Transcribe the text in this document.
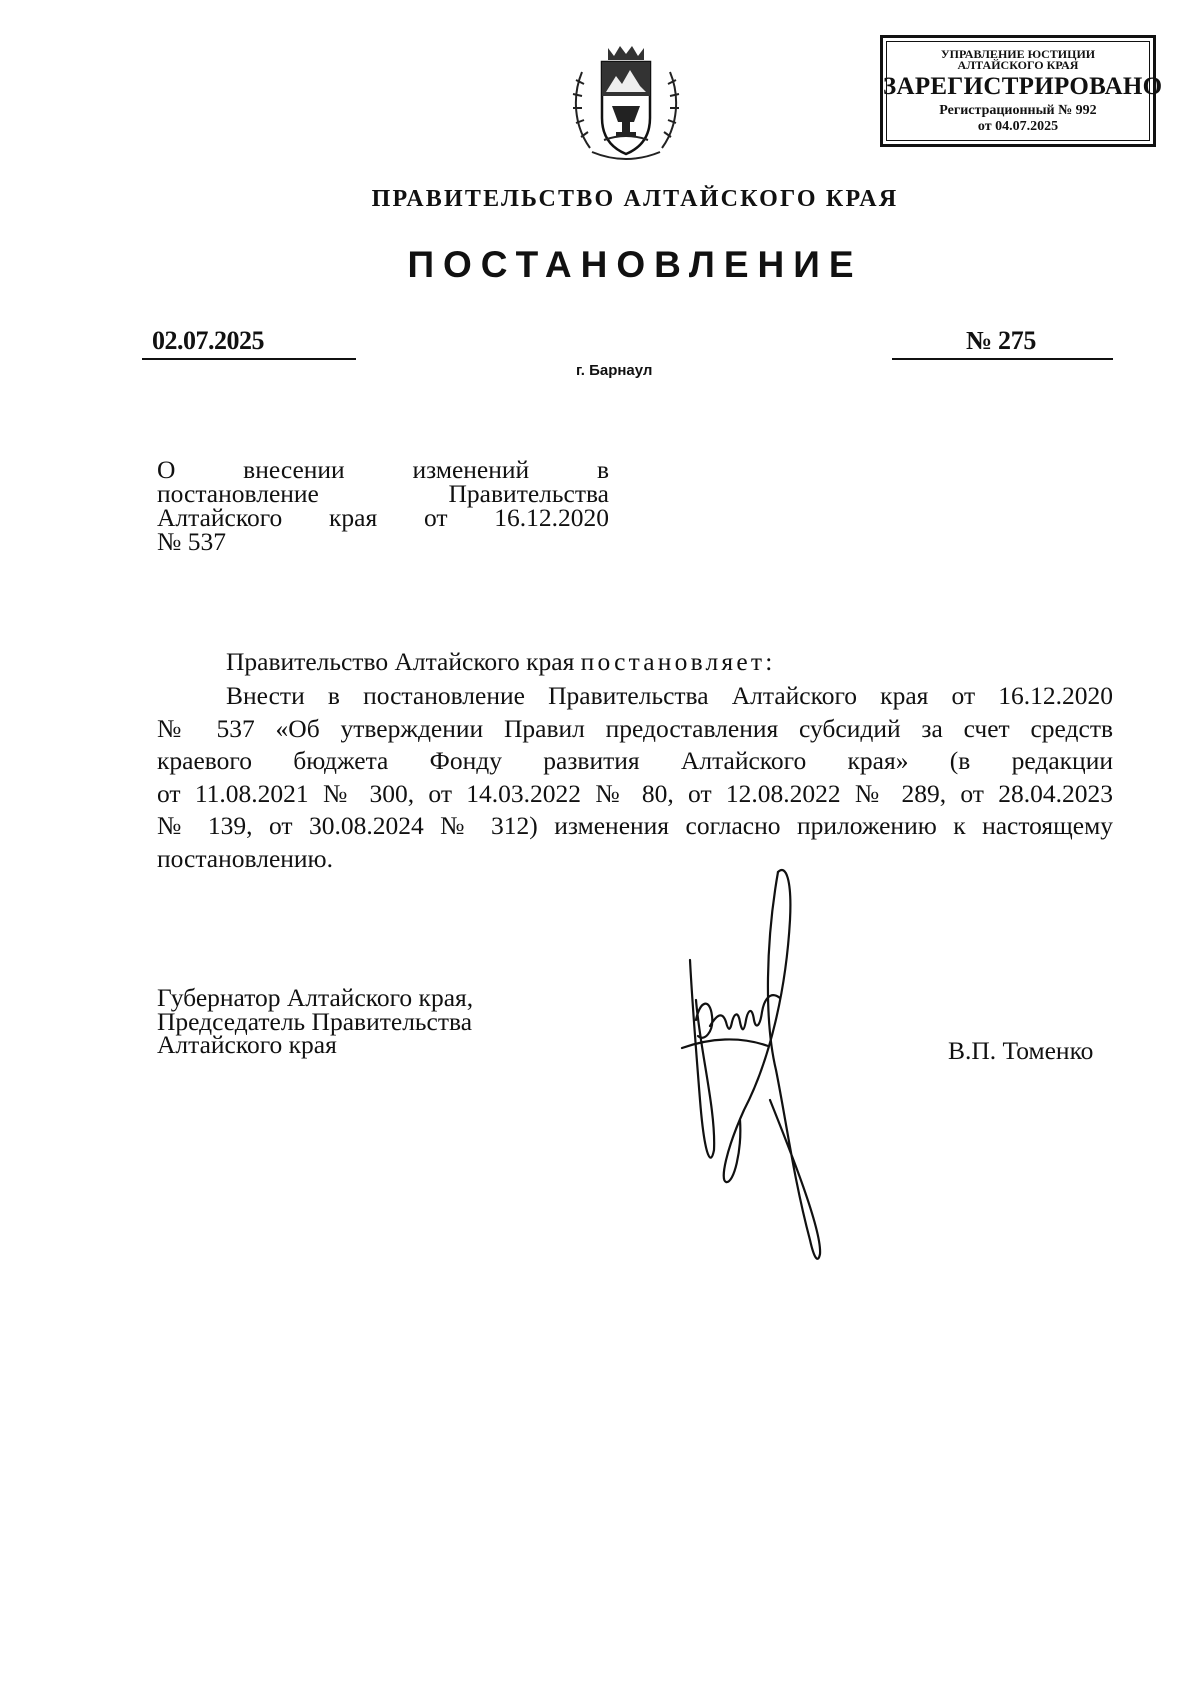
УПРАВЛЕНИЕ ЮСТИЦИИ
АЛТАЙСКОГО КРАЯ
ЗАРЕГИСТРИРОВАНО
Регистрационный № 992
от 04.07.2025
ПРАВИТЕЛЬСТВО АЛТАЙСКОГО КРАЯ
ПОСТАНОВЛЕНИЕ
02.07.2025	№ 275
г. Барнаул
О внесении изменений в
постановление Правительства
Алтайского края от 16.12.2020
№ 537
Правительство Алтайского края постановляет:
Внести в постановление Правительства Алтайского края от 16.12.2020
№ 537 «Об утверждении Правил предоставления субсидий за счет средств
краевого бюджета Фонду развития Алтайского края» (в редакции
от 11.08.2021 № 300, от 14.03.2022 № 80, от 12.08.2022 № 289, от 28.04.2023
№ 139, от 30.08.2024 № 312) изменения согласно приложению к настоящему
постановлению.
Губернатор Алтайского края,
Председатель Правительства
Алтайского края	В.П. Томенко
